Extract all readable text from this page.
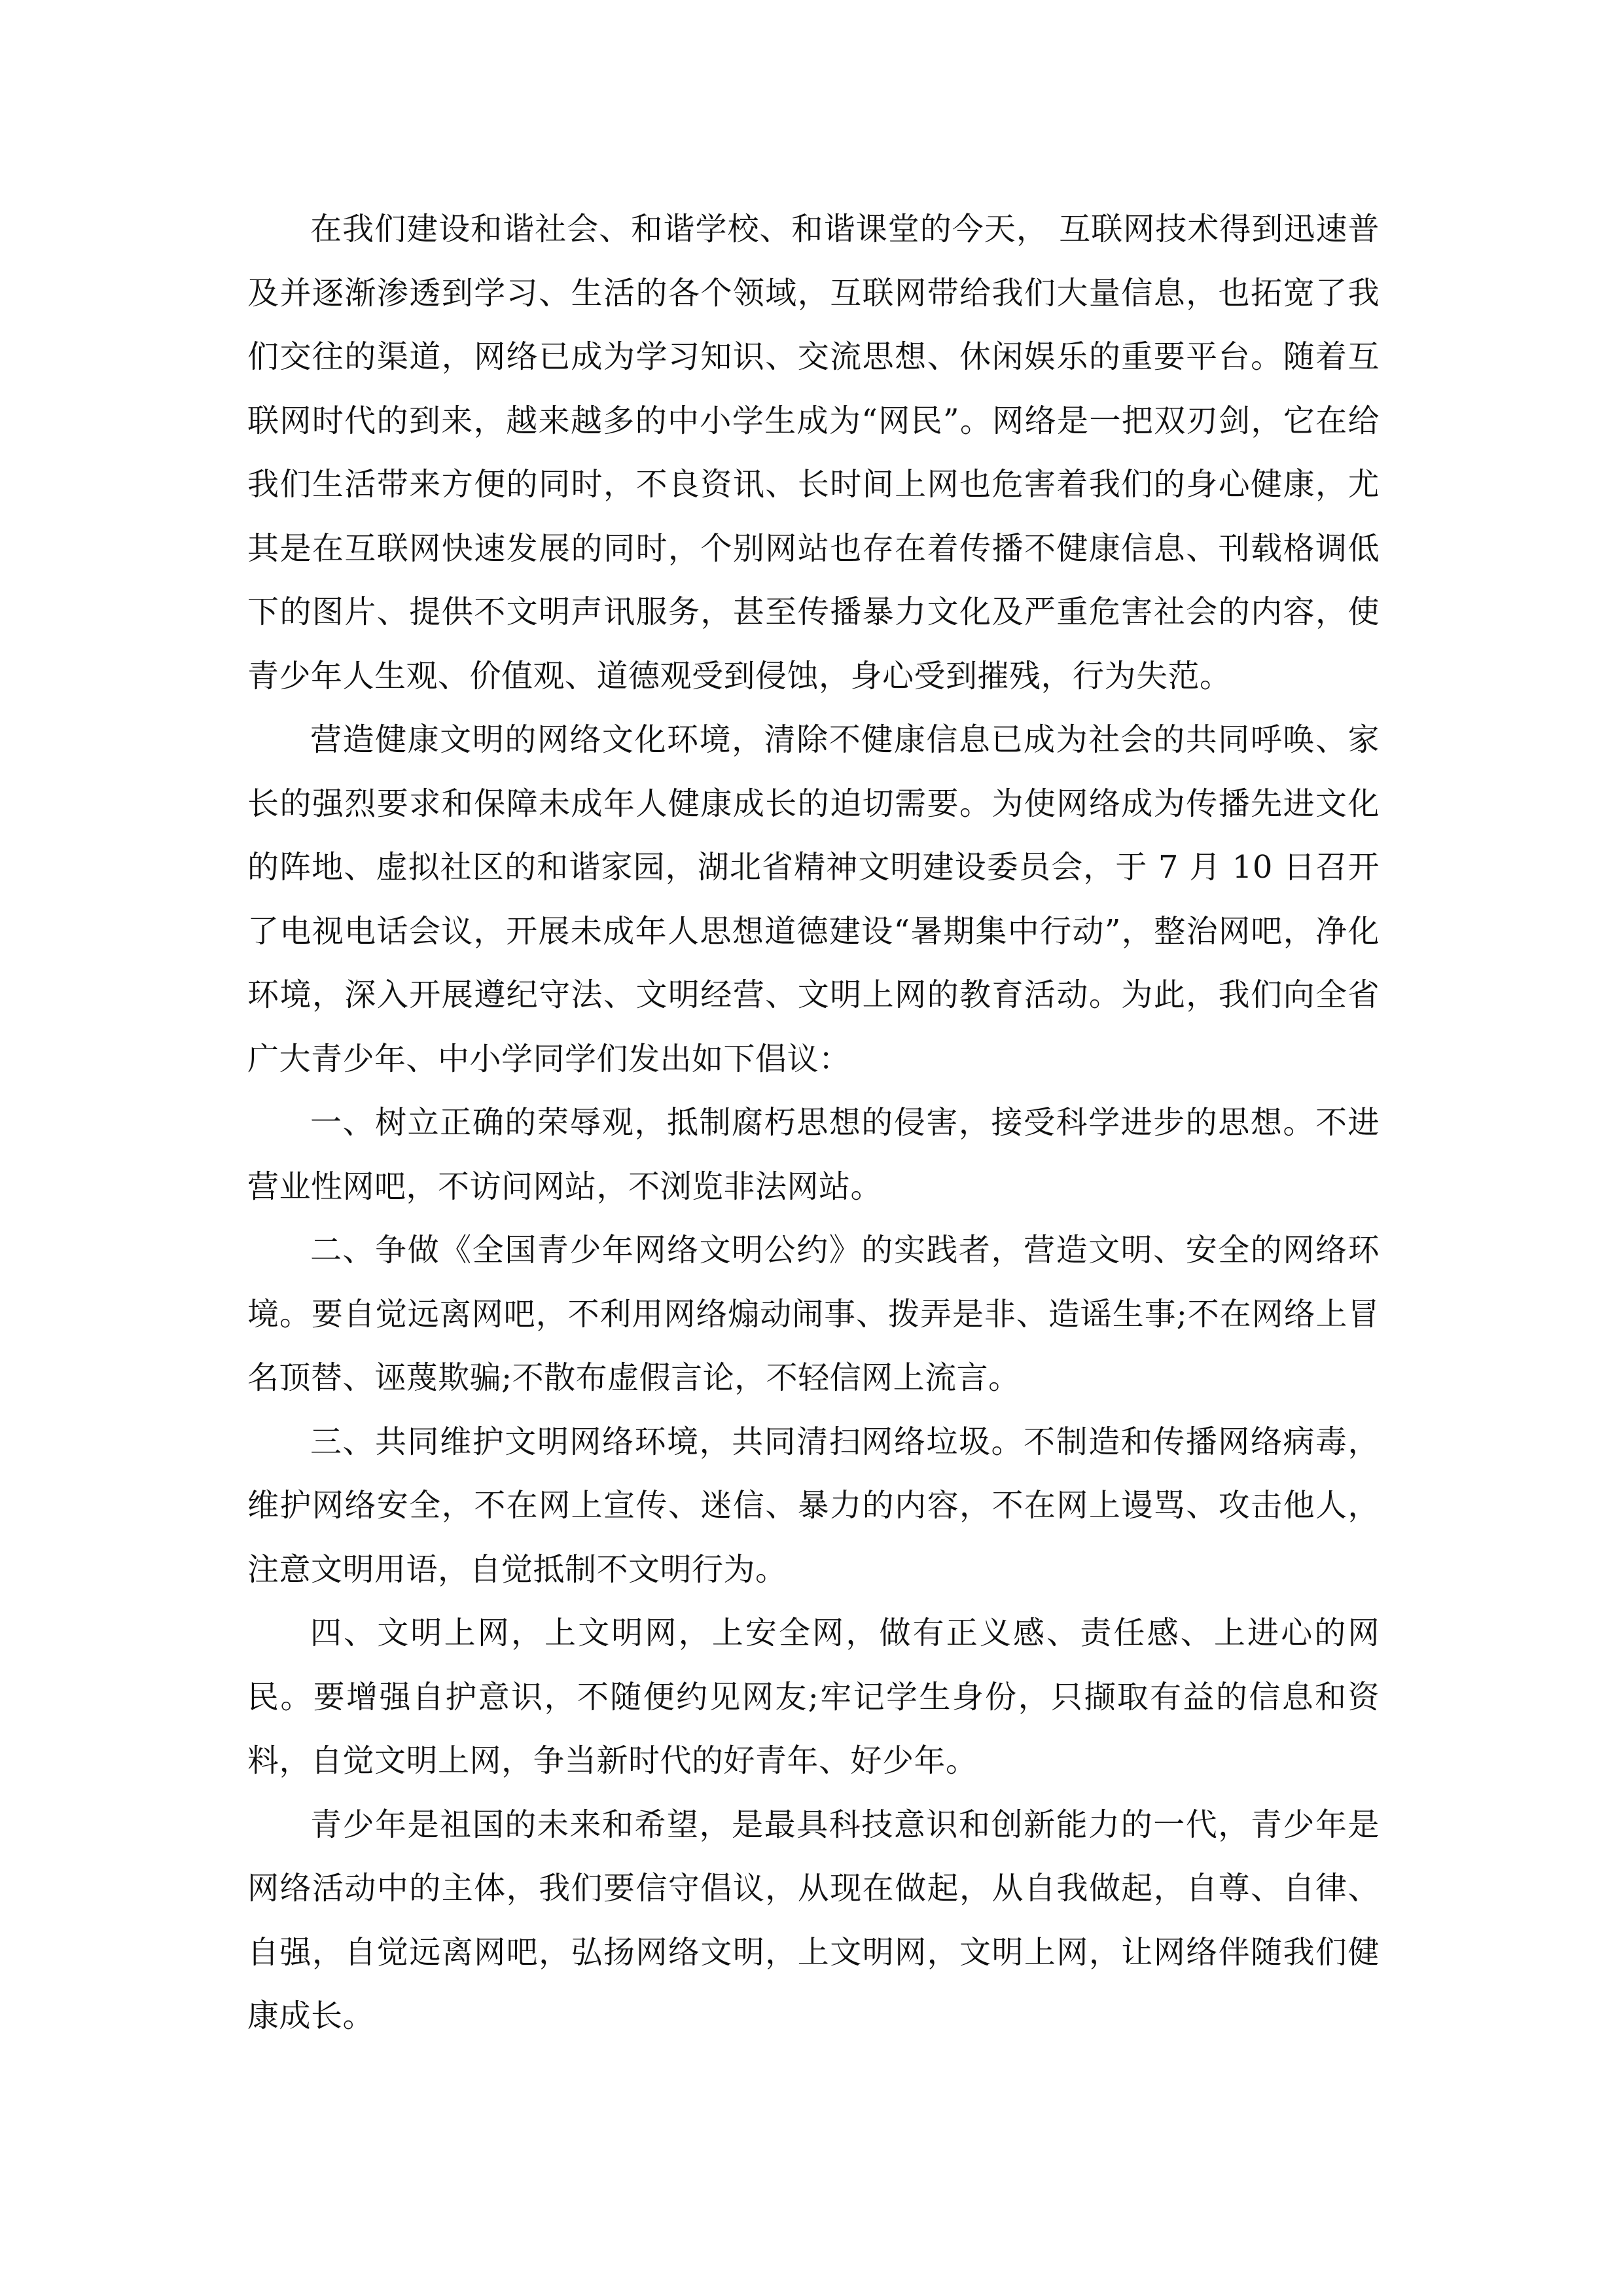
在我们建设和谐社会、和谐学校、和谐课堂的今天， 互联网技术得到迅速普及并逐渐渗透到学习、生活的各个领域，互联网带给我们大量信息，也拓宽了我们交往的渠道，网络已成为学习知识、交流思想、休闲娱乐的重要平台。随着互联网时代的到来，越来越多的中小学生成为“网民”。网络是一把双刃剑，它在给我们生活带来方便的同时，不良资讯、长时间上网也危害着我们的身心健康，尤其是在互联网快速发展的同时，个别网站也存在着传播不健康信息、刊载格调低下的图片、提供不文明声讯服务，甚至传播暴力文化及严重危害社会的内容，使青少年人生观、价值观、道德观受到侵蚀，身心受到摧残，行为失范。

营造健康文明的网络文化环境，清除不健康信息已成为社会的共同呼唤、家长的强烈要求和保障未成年人健康成长的迫切需要。为使网络成为传播先进文化的阵地、虚拟社区的和谐家园，湖北省精神文明建设委员会，于 7 月 10 日召开了电视电话会议，开展未成年人思想道德建设“暑期集中行动”，整治网吧，净化环境，深入开展遵纪守法、文明经营、文明上网的教育活动。为此，我们向全省广大青少年、中小学同学们发出如下倡议：

一、树立正确的荣辱观，抵制腐朽思想的侵害，接受科学进步的思想。不进营业性网吧，不访问网站，不浏览非法网站。

二、争做《全国青少年网络文明公约》的实践者，营造文明、安全的网络环境。要自觉远离网吧，不利用网络煽动闹事、拨弄是非、造谣生事;不在网络上冒名顶替、诬蔑欺骗;不散布虚假言论，不轻信网上流言。

三、共同维护文明网络环境，共同清扫网络垃圾。不制造和传播网络病毒，维护网络安全，不在网上宣传、迷信、暴力的内容，不在网上谩骂、攻击他人，注意文明用语，自觉抵制不文明行为。

四、文明上网，上文明网，上安全网，做有正义感、责任感、上进心的网民。要增强自护意识，不随便约见网友;牢记学生身份，只撷取有益的信息和资料，自觉文明上网，争当新时代的好青年、好少年。

青少年是祖国的未来和希望，是最具科技意识和创新能力的一代，青少年是网络活动中的主体，我们要信守倡议，从现在做起，从自我做起，自尊、自律、自强，自觉远离网吧，弘扬网络文明，上文明网，文明上网，让网络伴随我们健康成长。
